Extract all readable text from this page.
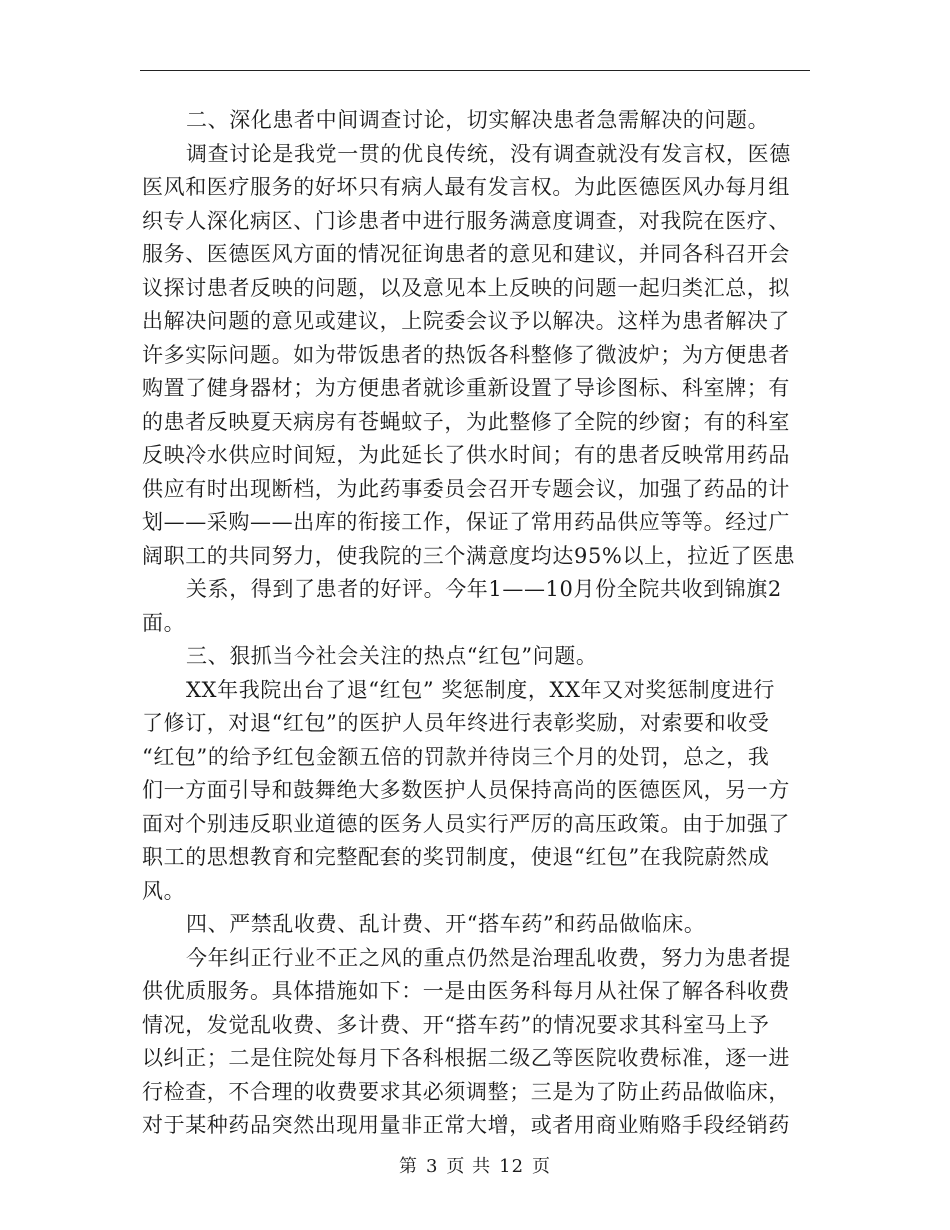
二、深化患者中间调查讨论，切实解决患者急需解决的问题。
调查讨论是我党一贯的优良传统，没有调查就没有发言权，医德
医风和医疗服务的好坏只有病人最有发言权。为此医德医风办每月组
织专人深化病区、门诊患者中进行服务满意度调查，对我院在医疗、
服务、医德医风方面的情况征询患者的意见和建议，并同各科召开会
议探讨患者反映的问题，以及意见本上反映的问题一起归类汇总，拟
出解决问题的意见或建议，上院委会议予以解决。这样为患者解决了
许多实际问题。如为带饭患者的热饭各科整修了微波炉；为方便患者
购置了健身器材；为方便患者就诊重新设置了导诊图标、科室牌；有
的患者反映夏天病房有苍蝇蚊子，为此整修了全院的纱窗；有的科室
反映冷水供应时间短，为此延长了供水时间；有的患者反映常用药品
供应有时出现断档，为此药事委员会召开专题会议，加强了药品的计
划——采购——出库的衔接工作，保证了常用药品供应等等。经过广
阔职工的共同努力，使我院的三个满意度均达95%以上，拉近了医患
关系，得到了患者的好评。今年1——10月份全院共收到锦旗2
面。
三、狠抓当今社会关注的热点“红包”问题。
XX年我院出台了退“红包” 奖惩制度，XX年又对奖惩制度进行
了修订，对退“红包”的医护人员年终进行表彰奖励，对索要和收受
“红包”的给予红包金额五倍的罚款并待岗三个月的处罚，总之，我
们一方面引导和鼓舞绝大多数医护人员保持高尚的医德医风，另一方
面对个别违反职业道德的医务人员实行严厉的高压政策。由于加强了
职工的思想教育和完整配套的奖罚制度，使退“红包”在我院蔚然成
风。
四、严禁乱收费、乱计费、开“搭车药”和药品做临床。
今年纠正行业不正之风的重点仍然是治理乱收费，努力为患者提
供优质服务。具体措施如下：一是由医务科每月从社保了解各科收费
情况，发觉乱收费、多计费、开“搭车药”的情况要求其科室马上予
以纠正；二是住院处每月下各科根据二级乙等医院收费标准，逐一进
行检查，不合理的收费要求其必须调整；三是为了防止药品做临床，
对于某种药品突然出现用量非正常大增，或者用商业贿赂手段经销药
第 3 页 共 12 页
